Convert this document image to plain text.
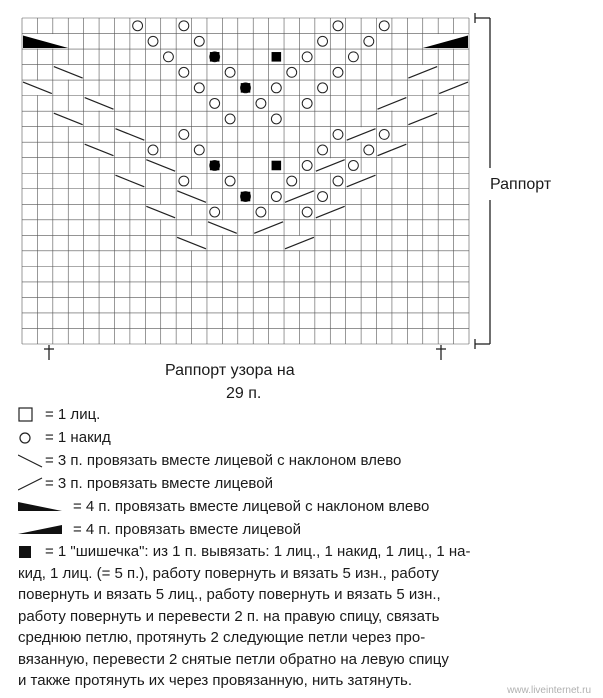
Раппорт
Раппорт узора на
29 п.
= 1 лиц.
= 1 накид
= 3 п. провязать вместе лицевой с наклоном влево
= 3 п. провязать вместе лицевой
= 4 п. провязать вместе лицевой с наклоном влево
= 4 п. провязать вместе лицевой
= 1 "шишечка": из 1 п. вывязать: 1 лиц., 1 накид, 1 лиц., 1 на-
кид, 1 лиц. (= 5 п.), работу повернуть и вязать 5 изн., работу
повернуть и вязать 5 лиц., работу повернуть и вязать 5 изн.,
работу повернуть и перевести 2 п. на правую спицу, связать
среднюю петлю, протянуть 2 следующие петли через про-
вязанную, перевести 2 снятые петли обратно на левую спицу
и также протянуть их через провязанную, нить затянуть.
www.liveinternet.ru
